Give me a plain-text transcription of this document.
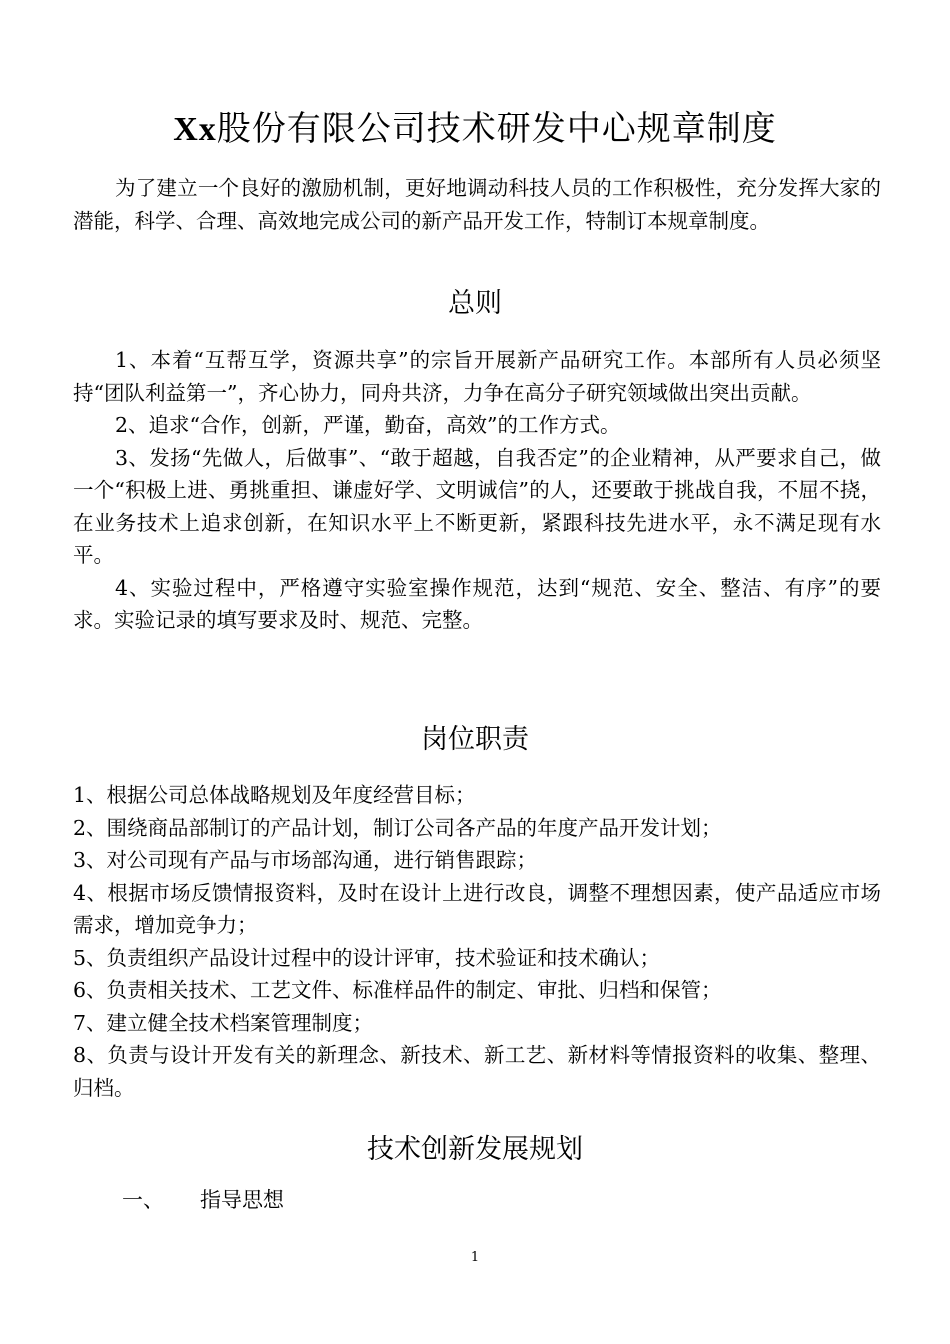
Xx股份有限公司技术研发中心规章制度
为了建立一个良好的激励机制，更好地调动科技人员的工作积极性，充分发挥大家的潜能，科学、合理、高效地完成公司的新产品开发工作，特制订本规章制度。
总则

1、本着“互帮互学，资源共享”的宗旨开展新产品研究工作。本部所有人员必须坚持“团队利益第一”，齐心协力，同舟共济，力争在高分子研究领域做出突出贡献。

2、追求“合作，创新，严谨，勤奋，高效”的工作方式。

3、发扬“先做人，后做事”、“敢于超越，自我否定”的企业精神，从严要求自己，做一个“积极上进、勇挑重担、谦虚好学、文明诚信”的人，还要敢于挑战自我，不屈不挠，在业务技术上追求创新，在知识水平上不断更新，紧跟科技先进水平，永不满足现有水平。

4、实验过程中，严格遵守实验室操作规范，达到“规范、安全、整洁、有序”的要求。实验记录的填写要求及时、规范、完整。

岗位职责

1、根据公司总体战略规划及年度经营目标；

2、围绕商品部制订的产品计划，制订公司各产品的年度产品开发计划；

3、对公司现有产品与市场部沟通，进行销售跟踪；

4、根据市场反馈情报资料，及时在设计上进行改良，调整不理想因素，使产品适应市场需求，增加竞争力；

5、负责组织产品设计过程中的设计评审，技术验证和技术确认；

6、负责相关技术、工艺文件、标准样品件的制定、审批、归档和保管；

7、建立健全技术档案管理制度；

8、负责与设计开发有关的新理念、新技术、新工艺、新材料等情报资料的收集、整理、归档。

技术创新发展规划
一、 指导思想
1
